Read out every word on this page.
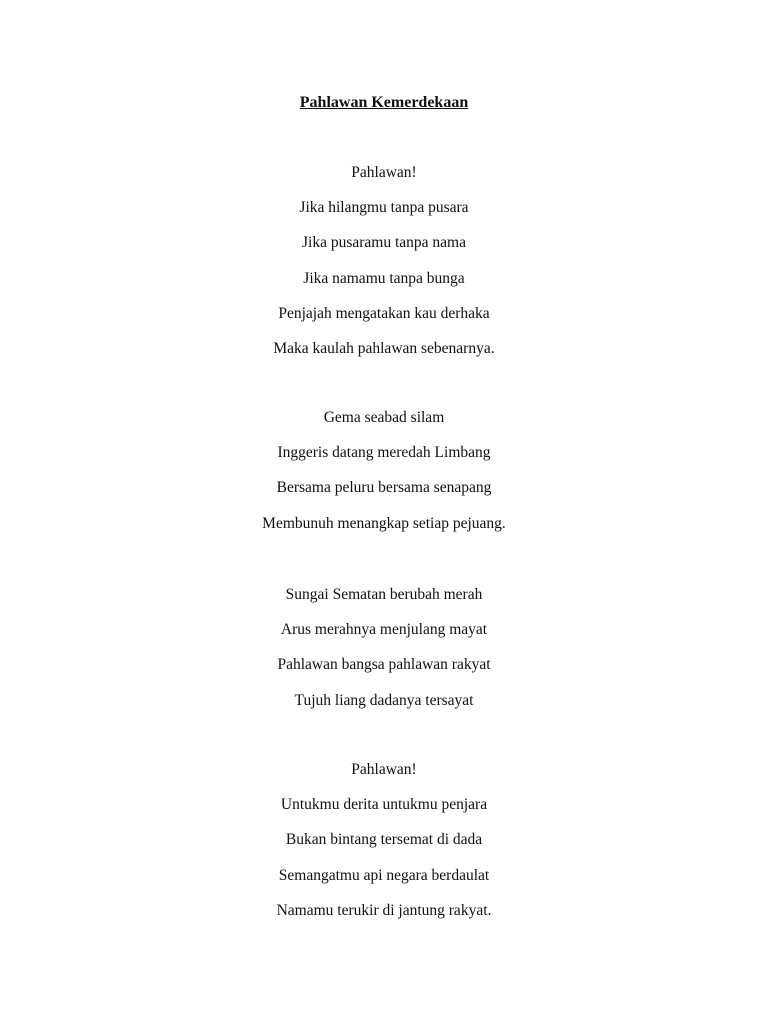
Pahlawan Kemerdekaan
Pahlawan!
Jika hilangmu tanpa pusara
Jika pusaramu tanpa nama
Jika namamu tanpa bunga
Penjajah mengatakan kau derhaka
Maka kaulah pahlawan sebenarnya.
Gema seabad silam
Inggeris datang meredah Limbang
Bersama peluru bersama senapang
Membunuh menangkap setiap pejuang.
Sungai Sematan berubah merah
Arus merahnya menjulang mayat
Pahlawan bangsa pahlawan rakyat
Tujuh liang dadanya tersayat
Pahlawan!
Untukmu derita untukmu penjara
Bukan bintang tersemat di dada
Semangatmu api negara berdaulat
Namamu terukir di jantung rakyat.
